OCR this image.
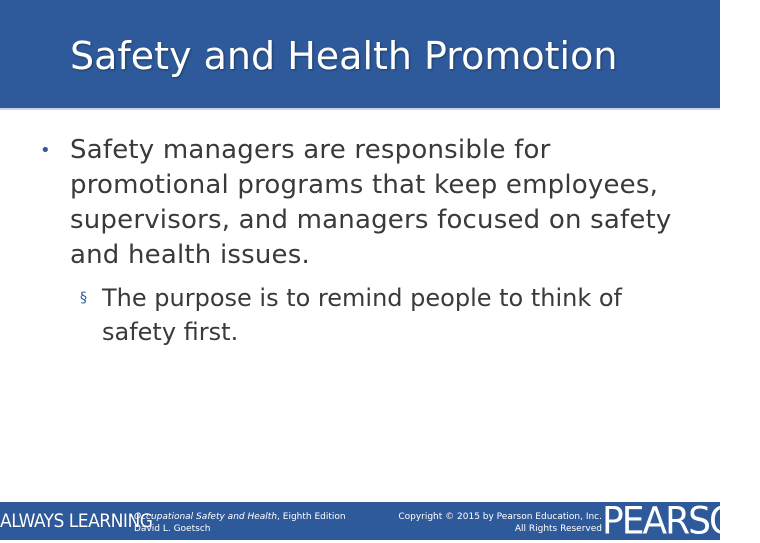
Safety and Health Promotion
• Safety managers are responsible for promotional programs that keep employees, supervisors, and managers focused on safety and health issues.
§ The purpose is to remind people to think of safety first.
ALWAYS LEARNING
Occupational Safety and Health, Eighth Edition
David L. Goetsch
Copyright © 2015 by Pearson Education, Inc.
All Rights Reserved PEARSON
